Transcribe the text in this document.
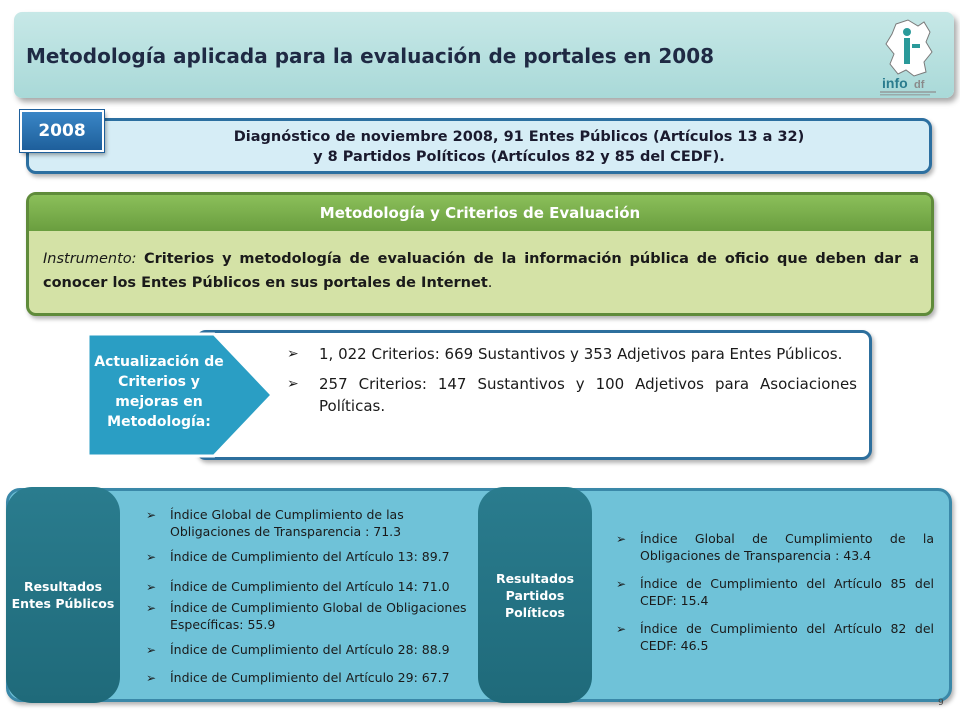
Metodología aplicada para la evaluación de portales en 2008
info df
Diagnóstico de noviembre 2008, 91 Entes Públicos (Artículos 13 a 32)
y 8 Partidos Políticos (Artículos 82 y 85 del CEDF).
2008
Metodología y Criterios de Evaluación
Instrumento: Criterios y metodología de evaluación de la información pública de oficio que deben dar a conocer los Entes Públicos en sus portales de Internet.
➢	1, 022 Criterios: 669 Sustantivos y 353 Adjetivos para Entes Públicos.
➢	257 Criterios: 147 Sustantivos y 100 Adjetivos para Asociaciones Políticas.
Actualización de Criterios y mejoras en Metodología:
Resultados Entes Públicos
Resultados Partidos Políticos
➢	Índice Global de Cumplimiento de las Obligaciones de Transparencia : 71.3
➢	Índice de Cumplimiento del Artículo 13: 89.7
➢	Índice de Cumplimiento del Artículo 14: 71.0
➢	Índice de Cumplimiento Global de Obligaciones Específicas: 55.9
➢	Índice de Cumplimiento del Artículo 28: 88.9
➢	Índice de Cumplimiento del Artículo 29: 67.7
➢	Índice Global de Cumplimiento de la Obligaciones de Transparencia : 43.4
➢	Índice de Cumplimiento del Artículo 85 del CEDF: 15.4
➢	Índice de Cumplimiento del Artículo 82 del CEDF: 46.5
9
